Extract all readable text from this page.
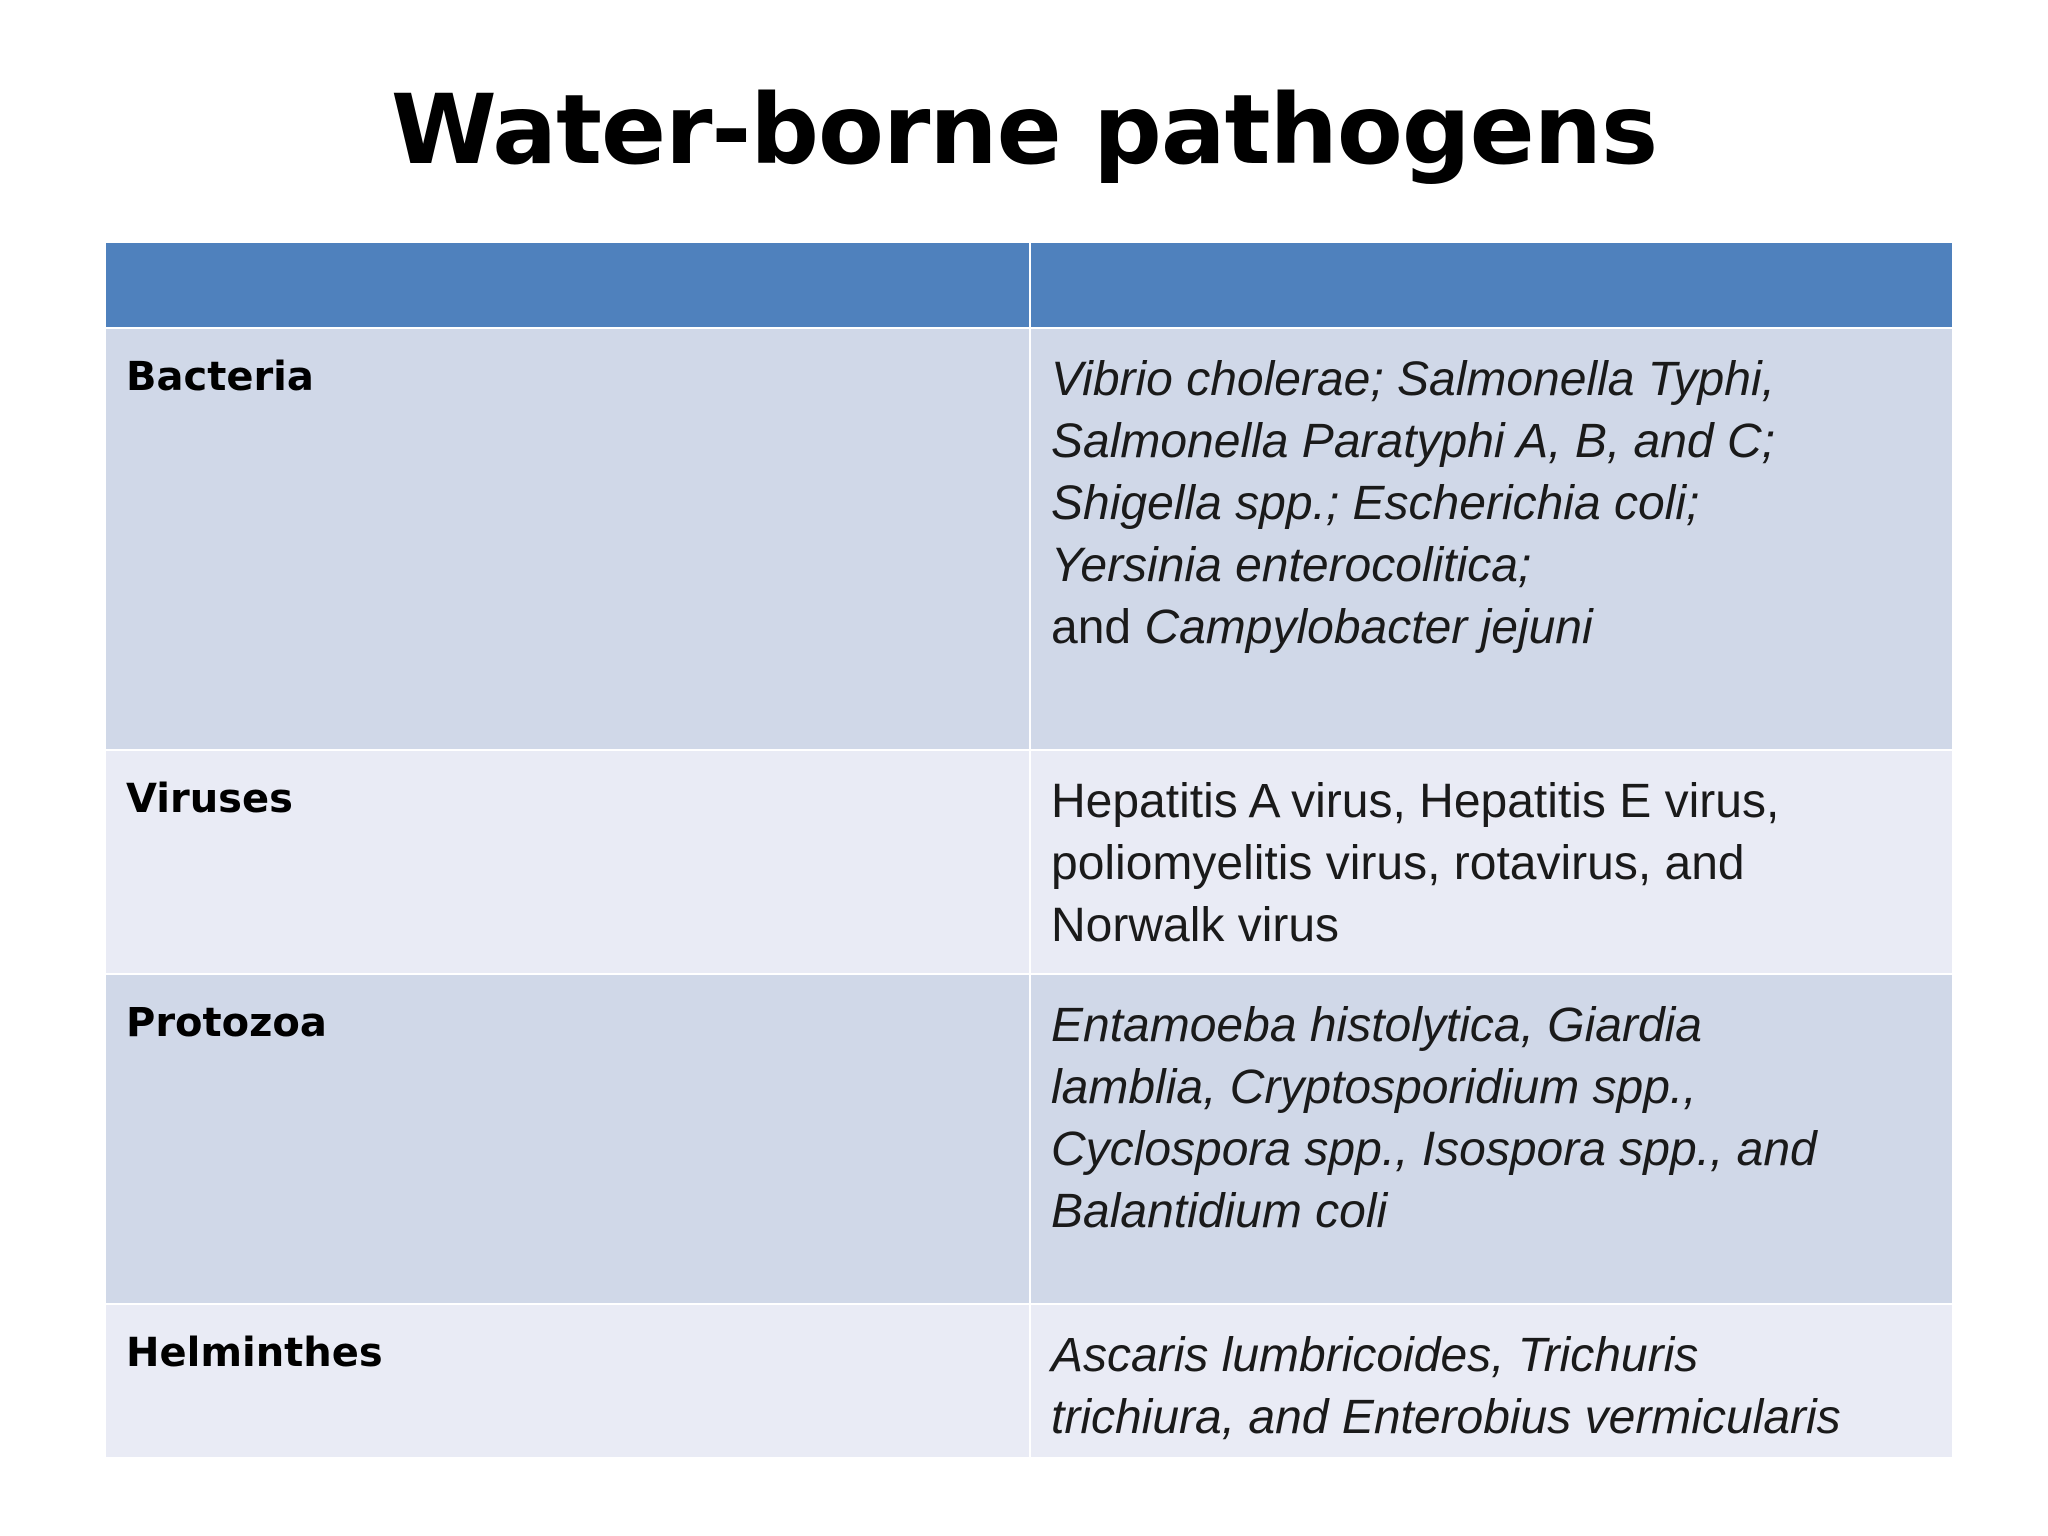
Water-borne pathogens

Bacteria	Vibrio cholerae; Salmonella Typhi,
Salmonella Paratyphi A, B, and C;
Shigella spp.; Escherichia coli;
Yersinia enterocolitica;
and Campylobacter jejuni

Viruses	Hepatitis A virus, Hepatitis E virus,
poliomyelitis virus, rotavirus, and
Norwalk virus

Protozoa	Entamoeba histolytica, Giardia
lamblia, Cryptosporidium spp.,
Cyclospora spp., Isospora spp., and
Balantidium coli

Helminthes	Ascaris lumbricoides, Trichuris
trichiura, and Enterobius vermicularis
